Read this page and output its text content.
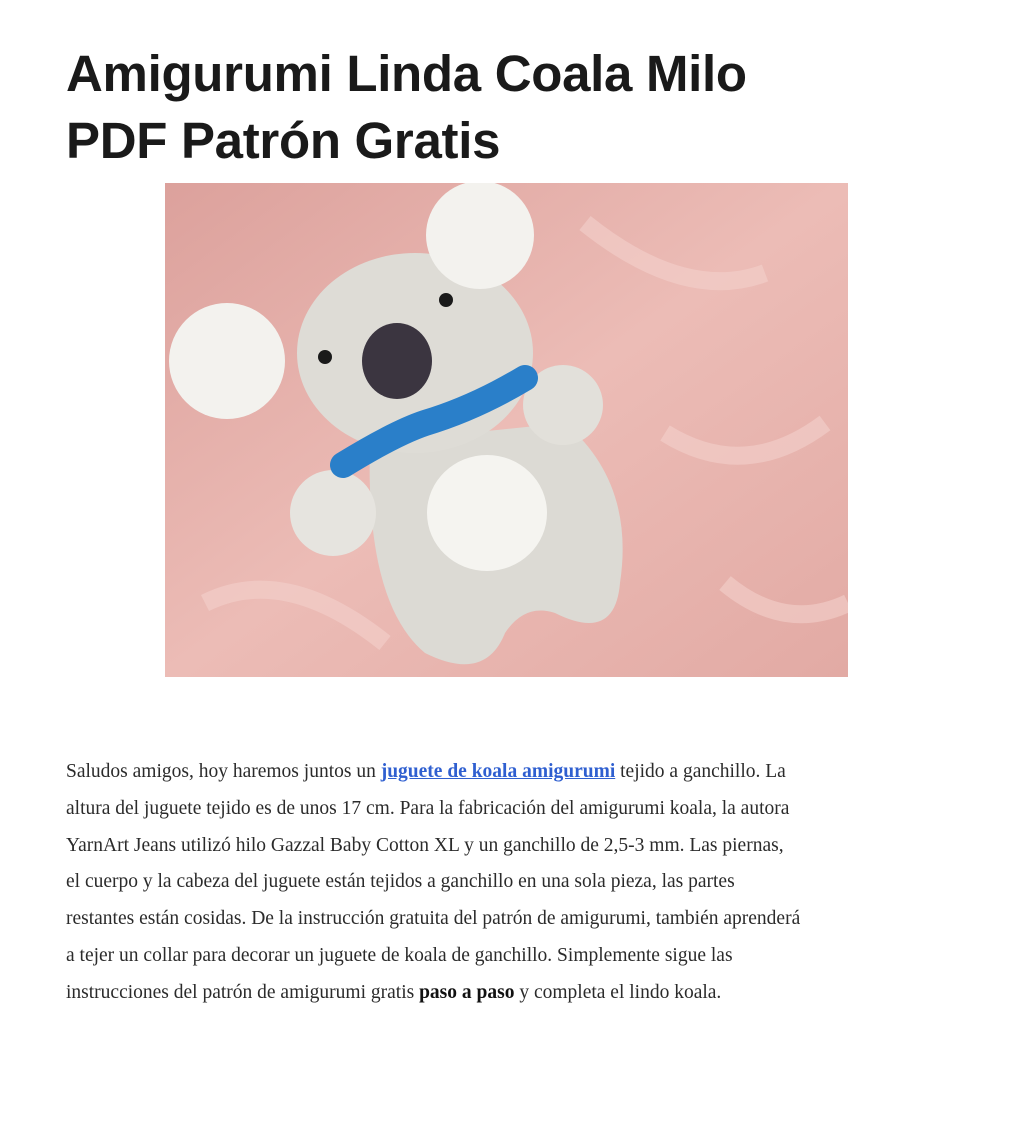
Amigurumi Linda Coala Milo
PDF Patrón Gratis
Saludos amigos, hoy haremos juntos un juguete de koala amigurumi tejido a ganchillo. La
altura del juguete tejido es de unos 17 cm. Para la fabricación del amigurumi koala, la autora
YarnArt Jeans utilizó hilo Gazzal Baby Cotton XL y un ganchillo de 2,5-3 mm. Las piernas,
el cuerpo y la cabeza del juguete están tejidos a ganchillo en una sola pieza, las partes
restantes están cosidas. De la instrucción gratuita del patrón de amigurumi, también aprenderá
a tejer un collar para decorar un juguete de koala de ganchillo. Simplemente sigue las
instrucciones del patrón de amigurumi gratis paso a paso y completa el lindo koala.
